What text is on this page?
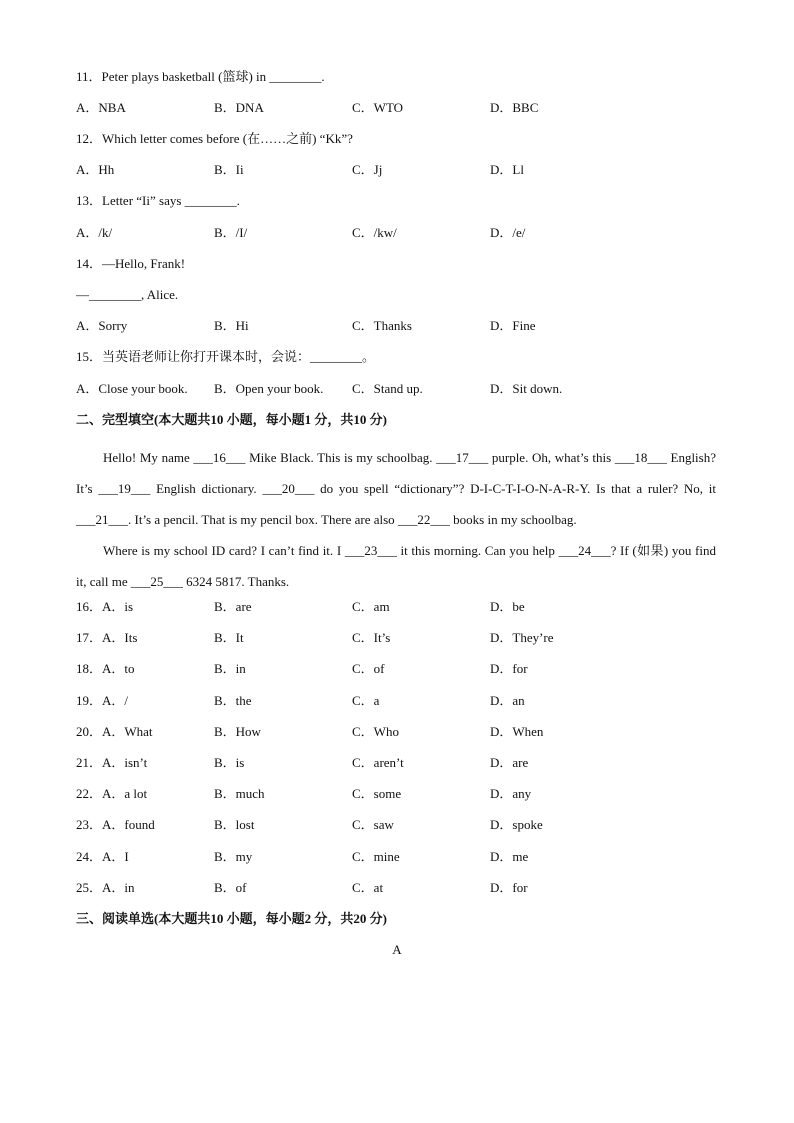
11．Peter plays basketball (篮球) in ________.
A．NBA	B．DNA	C．WTO	D．BBC
12．Which letter comes before (在……之前) “Kk”?
A．Hh	B．Ii	C．Jj	D．Ll
13．Letter “Ii” says ________.
A．/k/	B．/I/	C．/kw/	D．/e/
14．—Hello, Frank!
—________, Alice.
A．Sorry	B．Hi	C．Thanks	D．Fine
15．当英语老师让你打开课本时，会说：________。
A．Close your book. B．Open your book. C．Stand up.	D．Sit down.
二、完型填空(本大题共10 小题，每小题1 分，共10 分)

Hello! My name ___16___ Mike Black. This is my schoolbag. ___17___ purple. Oh, what’s this ___18___ English? It’s ___19___ English dictionary. ___20___ do you spell “dictionary”? D-I-C-T-I-O-N-A-R-Y. Is that a ruler? No, it ___21___. It’s a pencil. That is my pencil box. There are also ___22___ books in my schoolbag.

Where is my school ID card? I can’t find it. I ___23___ it this morning. Can you help ___24___? If (如果) you find it, call me ___25___ 6324 5817. Thanks.

16．A．is	B．are	C．am	D．be
17．A．Its	B．It	C．It’s	D．They’re
18．A．to	B．in	C．of	D．for
19．A．/	B．the	C．a	D．an
20．A．What	B．How	C．Who	D．When
21．A．isn’t	B．is	C．aren’t	D．are
22．A．a lot	B．much	C．some	D．any
23．A．found	B．lost	C．saw	D．spoke
24．A．I	B．my	C．mine	D．me
25．A．in	B．of	C．at	D．for
三、阅读单选(本大题共10 小题，每小题2 分，共20 分)
A
